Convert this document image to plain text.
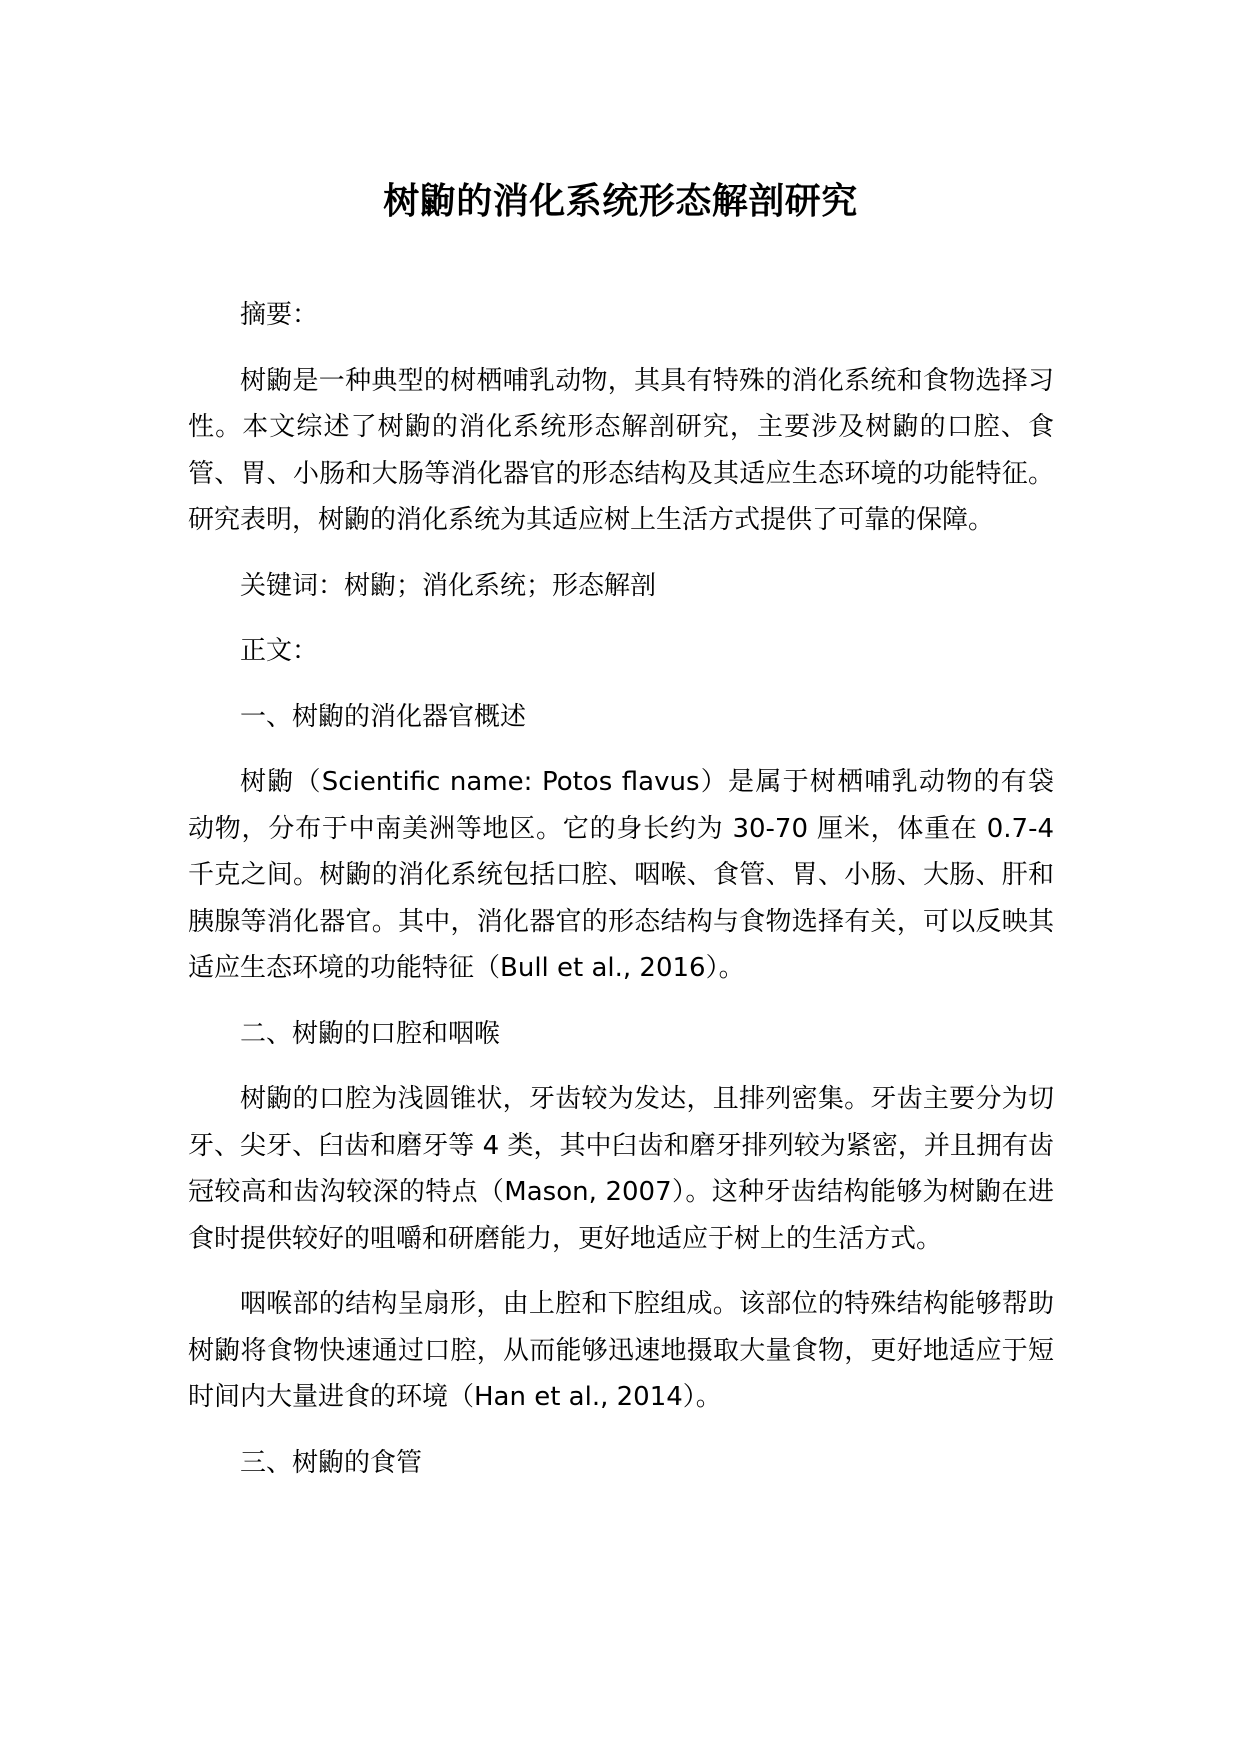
树鼩的消化系统形态解剖研究

摘要：

树鼩是一种典型的树栖哺乳动物，其具有特殊的消化系统和食物选择习性。本文综述了树鼩的消化系统形态解剖研究，主要涉及树鼩的口腔、食管、胃、小肠和大肠等消化器官的形态结构及其适应生态环境的功能特征。研究表明，树鼩的消化系统为其适应树上生活方式提供了可靠的保障。

关键词：树鼩；消化系统；形态解剖

正文：

一、树鼩的消化器官概述

树鼩（Scientific name: Potos flavus）是属于树栖哺乳动物的有袋动物，分布于中南美洲等地区。它的身长约为 30-70 厘米，体重在 0.7-4 千克之间。树鼩的消化系统包括口腔、咽喉、食管、胃、小肠、大肠、肝和胰腺等消化器官。其中，消化器官的形态结构与食物选择有关，可以反映其适应生态环境的功能特征（Bull et al., 2016）。

二、树鼩的口腔和咽喉

树鼩的口腔为浅圆锥状，牙齿较为发达，且排列密集。牙齿主要分为切牙、尖牙、臼齿和磨牙等 4 类，其中臼齿和磨牙排列较为紧密，并且拥有齿冠较高和齿沟较深的特点（Mason, 2007）。这种牙齿结构能够为树鼩在进食时提供较好的咀嚼和研磨能力，更好地适应于树上的生活方式。

咽喉部的结构呈扇形，由上腔和下腔组成。该部位的特殊结构能够帮助树鼩将食物快速通过口腔，从而能够迅速地摄取大量食物，更好地适应于短时间内大量进食的环境（Han et al., 2014）。

三、树鼩的食管
